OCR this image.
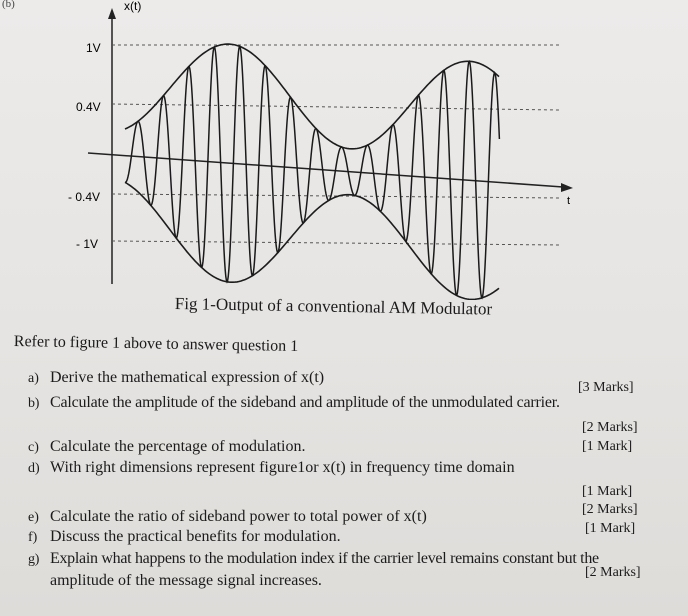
(b)	x(t)
t
1V
0.4V
- 0.4V
- 1V
Fig 1-Output of a conventional AM Modulator
Refer to figure 1 above to answer question 1
a) Derive the mathematical expression of x(t)
b) Calculate the amplitude of the sideband and amplitude of the unmodulated carrier.
c) Calculate the percentage of modulation.
d) With right dimensions represent figure1or x(t) in frequency time domain
e) Calculate the ratio of sideband power to total power of x(t)
f) Discuss the practical benefits for modulation.
g) Explain what happens to the modulation index if the carrier level remains constant but the
amplitude of the message signal increases.
[3 Marks]
[2 Marks]
[1 Mark]
[1 Mark]
[2 Marks]
[1 Mark]
[2 Marks]
